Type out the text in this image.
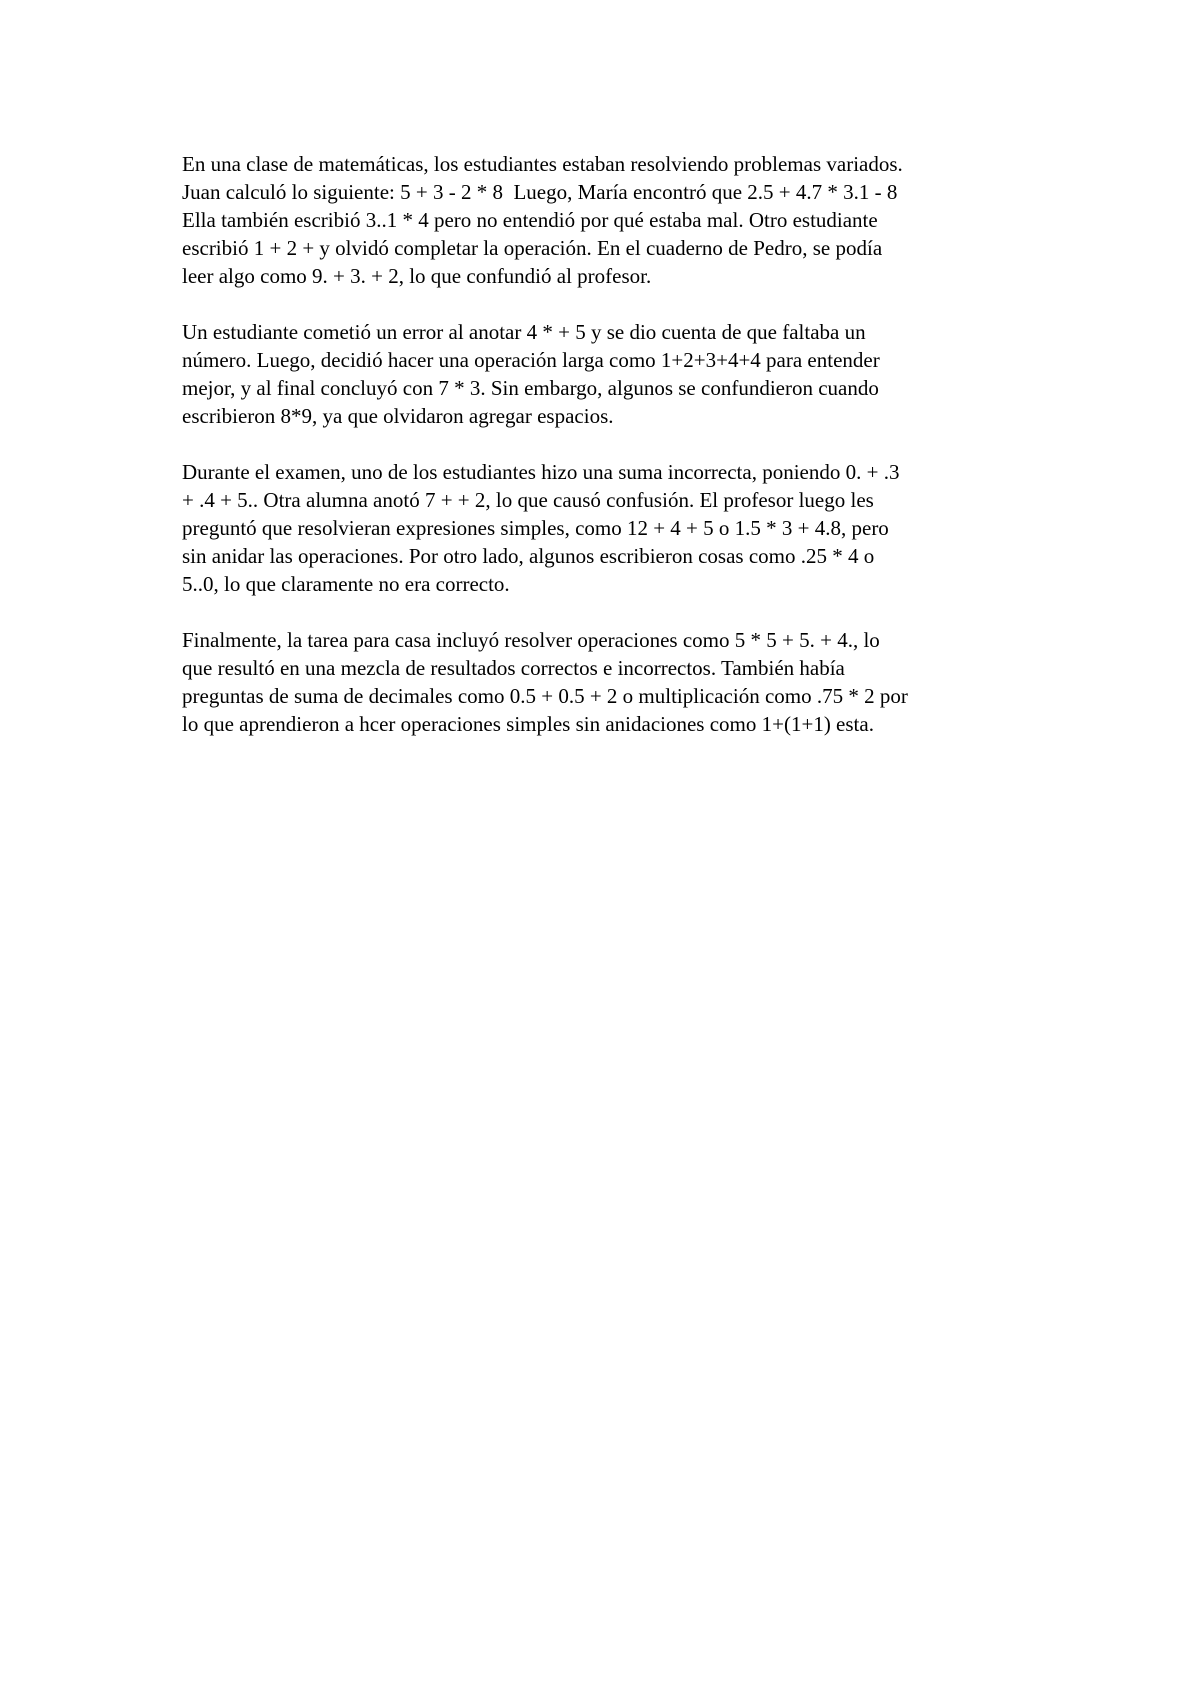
En una clase de matemáticas, los estudiantes estaban resolviendo problemas variados.
Juan calculó lo siguiente: 5 + 3 - 2 * 8  Luego, María encontró que 2.5 + 4.7 * 3.1 - 8
Ella también escribió 3..1 * 4 pero no entendió por qué estaba mal. Otro estudiante
escribió 1 + 2 + y olvidó completar la operación. En el cuaderno de Pedro, se podía
leer algo como 9. + 3. + 2, lo que confundió al profesor.
Un estudiante cometió un error al anotar 4 * + 5 y se dio cuenta de que faltaba un
número. Luego, decidió hacer una operación larga como 1+2+3+4+4 para entender
mejor, y al final concluyó con 7 * 3. Sin embargo, algunos se confundieron cuando
escribieron 8*9, ya que olvidaron agregar espacios.
Durante el examen, uno de los estudiantes hizo una suma incorrecta, poniendo 0. + .3
+ .4 + 5.. Otra alumna anotó 7 + + 2, lo que causó confusión. El profesor luego les
preguntó que resolvieran expresiones simples, como 12 + 4 + 5 o 1.5 * 3 + 4.8, pero
sin anidar las operaciones. Por otro lado, algunos escribieron cosas como .25 * 4 o
5..0, lo que claramente no era correcto.
Finalmente, la tarea para casa incluyó resolver operaciones como 5 * 5 + 5. + 4., lo
que resultó en una mezcla de resultados correctos e incorrectos. También había
preguntas de suma de decimales como 0.5 + 0.5 + 2 o multiplicación como .75 * 2 por
lo que aprendieron a hcer operaciones simples sin anidaciones como 1+(1+1) esta.
